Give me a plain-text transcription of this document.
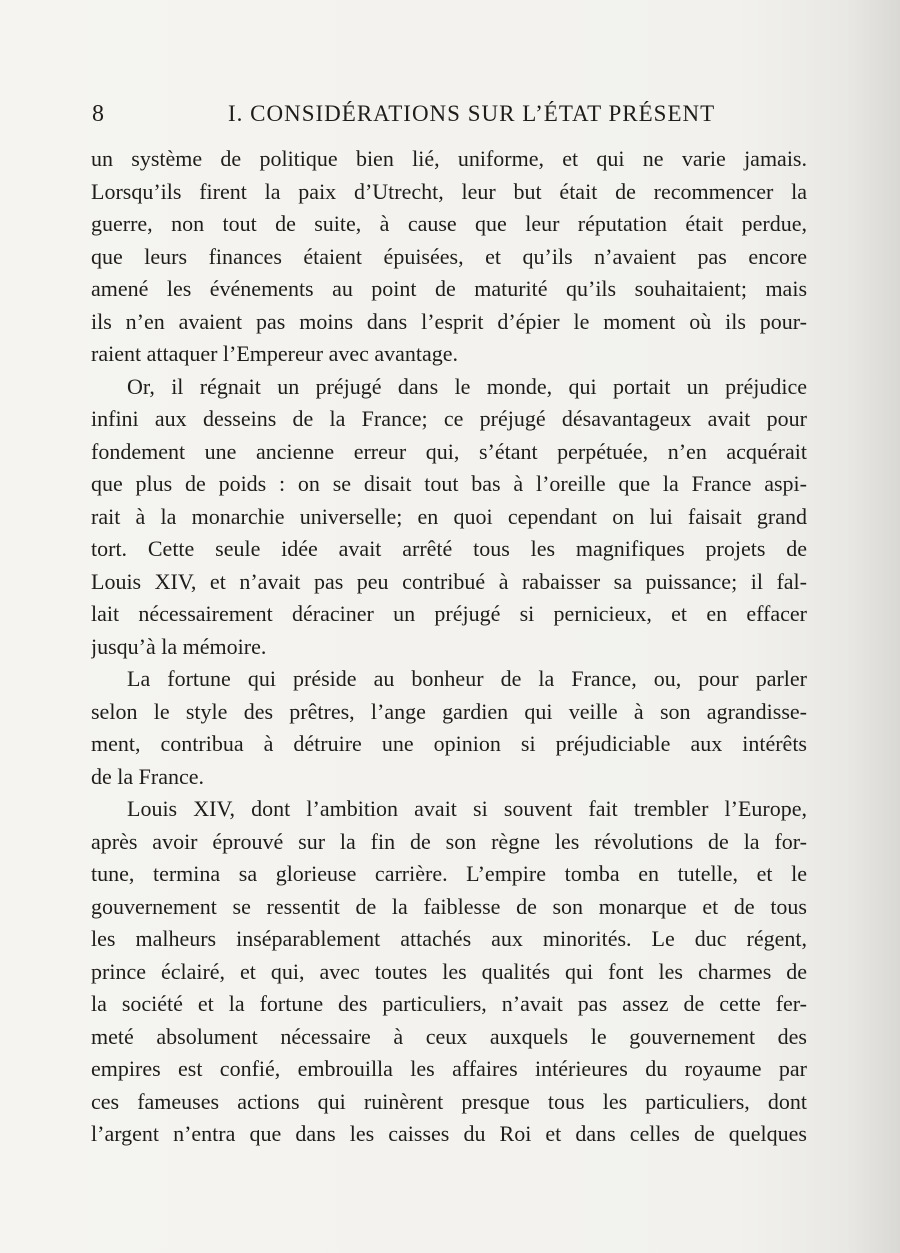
8	I. CONSIDÉRATIONS SUR L’ÉTAT PRÉSENT
un système de politique bien lié, uniforme, et qui ne varie jamais.
Lorsqu’ils firent la paix d’Utrecht, leur but était de recommencer la
guerre, non tout de suite, à cause que leur réputation était perdue,
que leurs finances étaient épuisées, et qu’ils n’avaient pas encore
amené les événements au point de maturité qu’ils souhaitaient; mais
ils n’en avaient pas moins dans l’esprit d’épier le moment où ils pour-
raient attaquer l’Empereur avec avantage.
Or, il régnait un préjugé dans le monde, qui portait un préjudice
infini aux desseins de la France; ce préjugé désavantageux avait pour
fondement une ancienne erreur qui, s’étant perpétuée, n’en acquérait
que plus de poids : on se disait tout bas à l’oreille que la France aspi-
rait à la monarchie universelle; en quoi cependant on lui faisait grand
tort. Cette seule idée avait arrêté tous les magnifiques projets de
Louis XIV, et n’avait pas peu contribué à rabaisser sa puissance; il fal-
lait nécessairement déraciner un préjugé si pernicieux, et en effacer
jusqu’à la mémoire.
La fortune qui préside au bonheur de la France, ou, pour parler
selon le style des prêtres, l’ange gardien qui veille à son agrandisse-
ment, contribua à détruire une opinion si préjudiciable aux intérêts
de la France.
Louis XIV, dont l’ambition avait si souvent fait trembler l’Europe,
après avoir éprouvé sur la fin de son règne les révolutions de la for-
tune, termina sa glorieuse carrière. L’empire tomba en tutelle, et le
gouvernement se ressentit de la faiblesse de son monarque et de tous
les malheurs inséparablement attachés aux minorités. Le duc régent,
prince éclairé, et qui, avec toutes les qualités qui font les charmes de
la société et la fortune des particuliers, n’avait pas assez de cette fer-
meté absolument nécessaire à ceux auxquels le gouvernement des
empires est confié, embrouilla les affaires intérieures du royaume par
ces fameuses actions qui ruinèrent presque tous les particuliers, dont
l’argent n’entra que dans les caisses du Roi et dans celles de quelques
